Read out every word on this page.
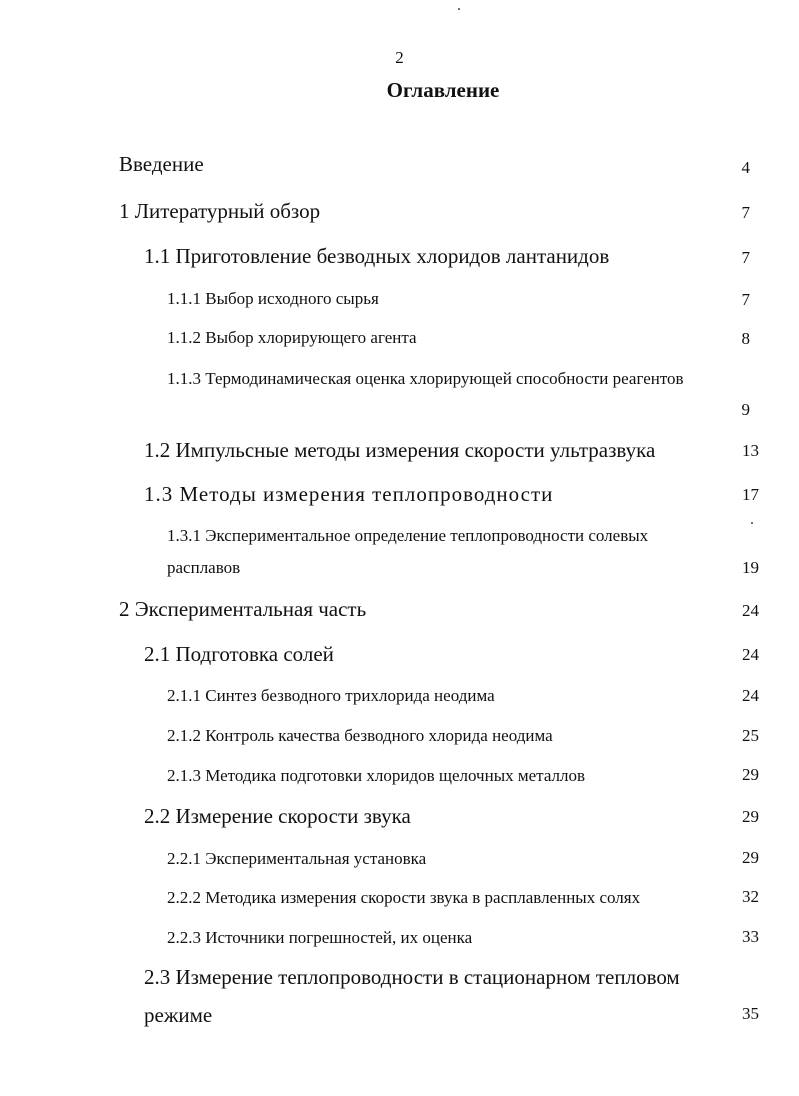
2
Оглавление
Введение	4
1 Литературный обзор	7
1.1 Приготовление безводных хлоридов лантанидов	7
1.1.1 Выбор исходного сырья	7
1.1.2 Выбор хлорирующего агента	8
1.1.3 Термодинамическая оценка хлорирующей способности реагентов
9
1.2 Импульсные методы измерения скорости ультразвука	13
1.3 Методы измерения теплопроводности	17
1.3.1 Экспериментальное определение теплопроводности солевых
расплавов	19
2 Экспериментальная часть	24
2.1 Подготовка солей	24
2.1.1 Синтез безводного трихлорида неодима	24
2.1.2 Контроль качества безводного хлорида неодима	25
2.1.3 Методика подготовки хлоридов щелочных металлов	29
2.2 Измерение скорости звука	29
2.2.1 Экспериментальная установка	29
2.2.2 Методика измерения скорости звука в расплавленных солях	32
2.2.3 Источники погрешностей, их оценка	33
2.3 Измерение теплопроводности в стационарном тепловом
режиме	35
